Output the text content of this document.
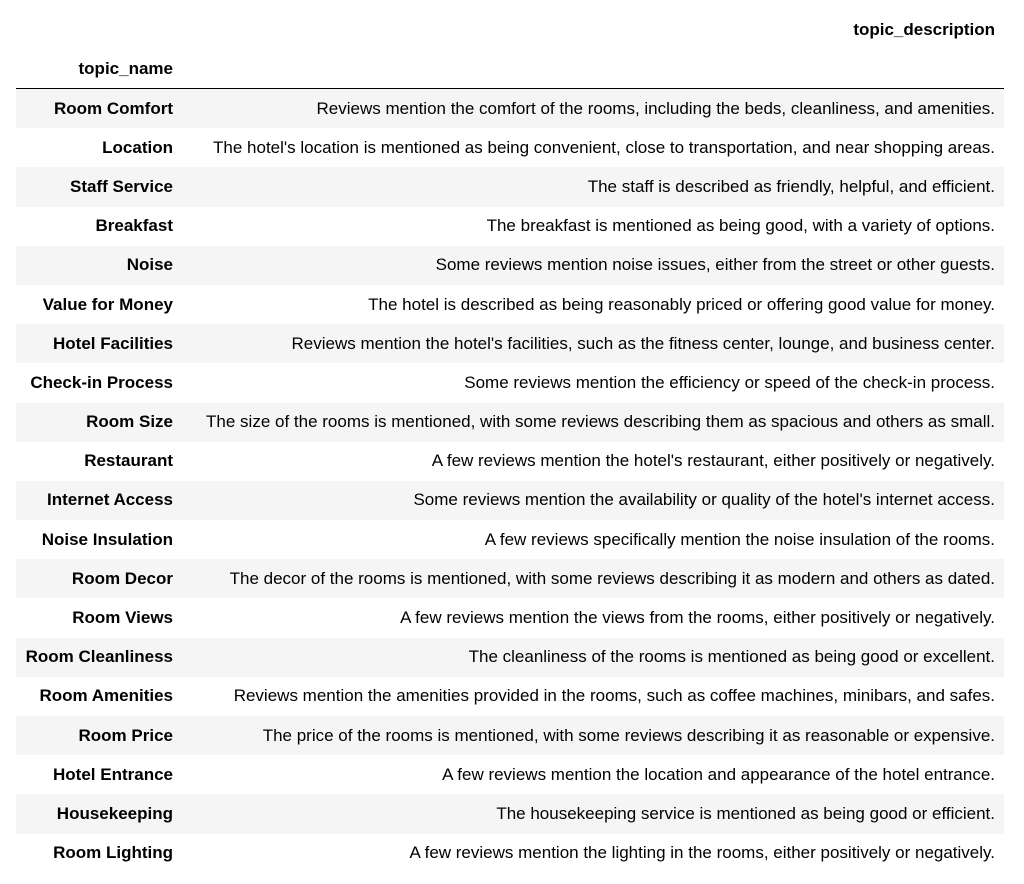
topic_description
topic_name
Room Comfort	Reviews mention the comfort of the rooms, including the beds, cleanliness, and amenities.
Location	The hotel's location is mentioned as being convenient, close to transportation, and near shopping areas.
Staff Service	The staff is described as friendly, helpful, and efficient.
Breakfast	The breakfast is mentioned as being good, with a variety of options.
Noise	Some reviews mention noise issues, either from the street or other guests.
Value for Money	The hotel is described as being reasonably priced or offering good value for money.
Hotel Facilities	Reviews mention the hotel's facilities, such as the fitness center, lounge, and business center.
Check-in Process	Some reviews mention the efficiency or speed of the check-in process.
Room Size	The size of the rooms is mentioned, with some reviews describing them as spacious and others as small.
Restaurant	A few reviews mention the hotel's restaurant, either positively or negatively.
Internet Access	Some reviews mention the availability or quality of the hotel's internet access.
Noise Insulation	A few reviews specifically mention the noise insulation of the rooms.
Room Decor	The decor of the rooms is mentioned, with some reviews describing it as modern and others as dated.
Room Views	A few reviews mention the views from the rooms, either positively or negatively.
Room Cleanliness	The cleanliness of the rooms is mentioned as being good or excellent.
Room Amenities	Reviews mention the amenities provided in the rooms, such as coffee machines, minibars, and safes.
Room Price	The price of the rooms is mentioned, with some reviews describing it as reasonable or expensive.
Hotel Entrance	A few reviews mention the location and appearance of the hotel entrance.
Housekeeping	The housekeeping service is mentioned as being good or efficient.
Room Lighting	A few reviews mention the lighting in the rooms, either positively or negatively.
